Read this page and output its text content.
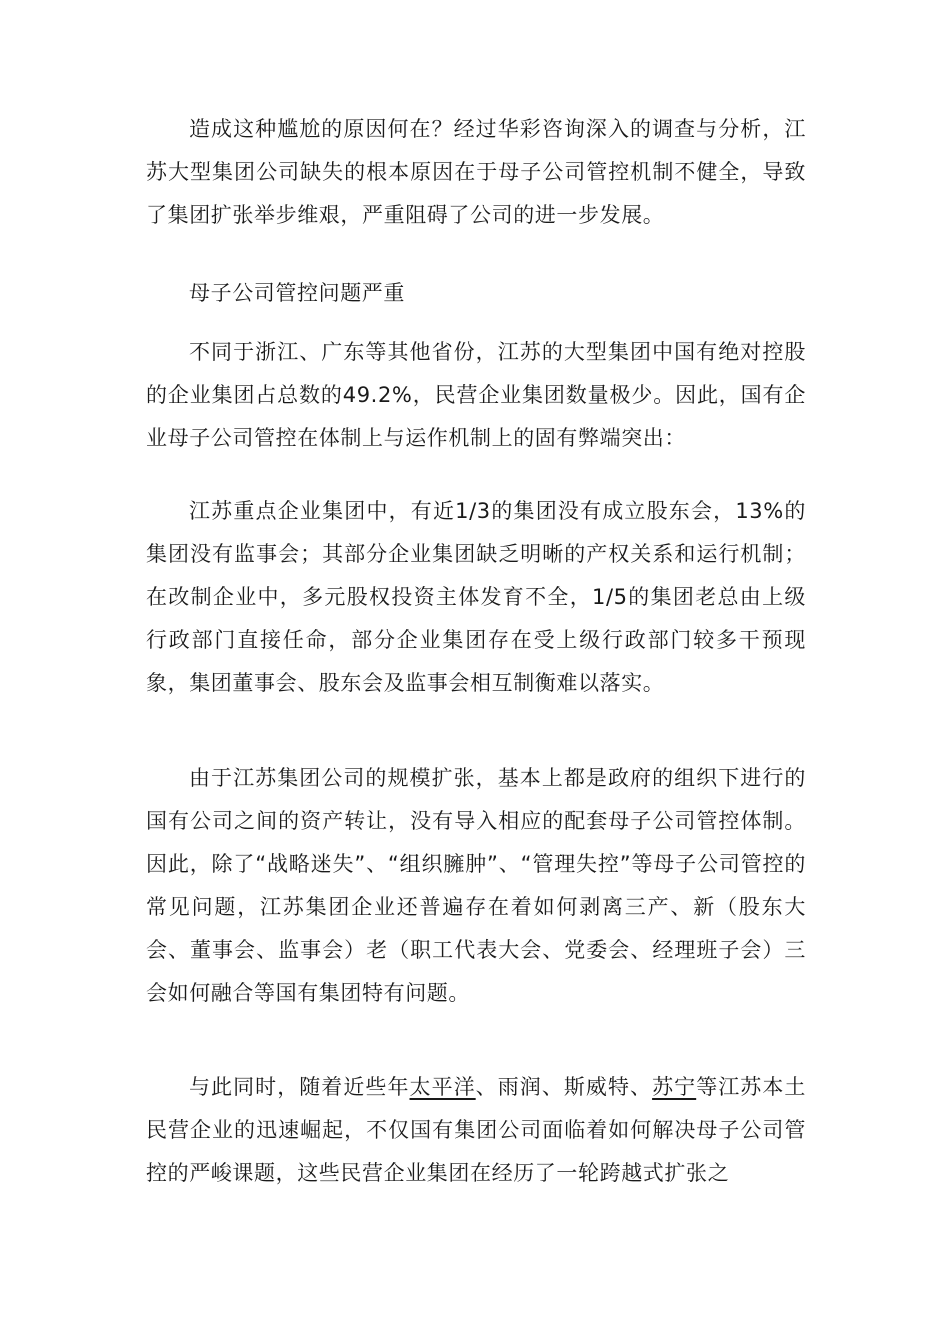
造成这种尴尬的原因何在？经过华彩咨询深入的调查与分析，江苏大型集团公司缺失的根本原因在于母子公司管控机制不健全，导致了集团扩张举步维艰，严重阻碍了公司的进一步发展。

母子公司管控问题严重

不同于浙江、广东等其他省份，江苏的大型集团中国有绝对控股的企业集团占总数的49.2%，民营企业集团数量极少。因此，国有企业母子公司管控在体制上与运作机制上的固有弊端突出：

江苏重点企业集团中，有近1/3的集团没有成立股东会，13%的集团没有监事会；其部分企业集团缺乏明晰的产权关系和运行机制；在改制企业中，多元股权投资主体发育不全，1/5的集团老总由上级行政部门直接任命，部分企业集团存在受上级行政部门较多干预现象，集团董事会、股东会及监事会相互制衡难以落实。

由于江苏集团公司的规模扩张，基本上都是政府的组织下进行的国有公司之间的资产转让，没有导入相应的配套母子公司管控体制。因此，除了“战略迷失”、“组织臃肿”、“管理失控”等母子公司管控的常见问题，江苏集团企业还普遍存在着如何剥离三产、新（股东大会、董事会、监事会）老（职工代表大会、党委会、经理班子会）三会如何融合等国有集团特有问题。

与此同时，随着近些年太平洋、雨润、斯威特、苏宁等江苏本土民营企业的迅速崛起，不仅国有集团公司面临着如何解决母子公司管控的严峻课题，这些民营企业集团在经历了一轮跨越式扩张之
